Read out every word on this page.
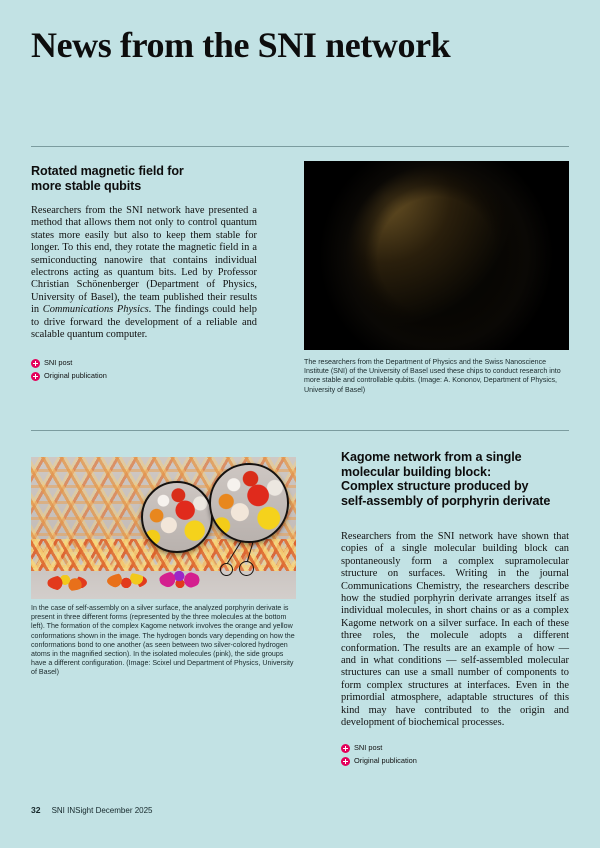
News from the SNI network
Rotated magnetic field for
more stable qubits
Researchers from the SNI network have presented a method that allows them not only to control quantum states more easily but also to keep them stable for longer. To this end, they rotate the magnetic field in a semiconducting nanowire that contains individual electrons acting as quantum bits. Led by Professor Christian Schönenberger (Department of Physics, University of Basel), the team published their results in Communications Physics. The findings could help to drive forward the development of a reliable and scalable quantum computer.
SNI post
Original publication
The researchers from the Department of Physics and the Swiss Nanoscience Institute (SNI) of the University of Basel used these chips to conduct research into more stable and controllable qubits. (Image: A. Kononov, Department of Physics, University of Basel)
In the case of self-assembly on a silver surface, the analyzed porphyrin derivate is present in three different forms (represented by the three molecules at the bottom left). The formation of the complex Kagome network involves the orange and yellow conformations shown in the image. The hydrogen bonds vary depending on how the conformations bond to one another (as seen between two silver-colored hydrogen atoms in the magnified section). In the isolated molecules (pink), the side groups have a different configuration. (Image: Scixel und Department of Physics, University of Basel)
Kagome network from a single
molecular building block:
Complex structure produced by
self-assembly of porphyrin derivate
Researchers from the SNI network have shown that copies of a single molecular building block can spontaneously form a complex supramolecular structure on surfaces. Writing in the journal Communications Chemistry, the researchers describe how the studied porphyrin derivate arranges itself as individual molecules, in short chains or as a complex Kagome network on a silver surface. In each of these three roles, the molecule adopts a different conformation. The results are an example of how — and in what conditions — self-assembled molecular structures can use a small number of components to form complex structures at interfaces. Even in the primordial atmosphere, adaptable structures of this kind may have contributed to the origin and development of biochemical processes.
SNI post
Original publication
32 SNI INSight December 2025
